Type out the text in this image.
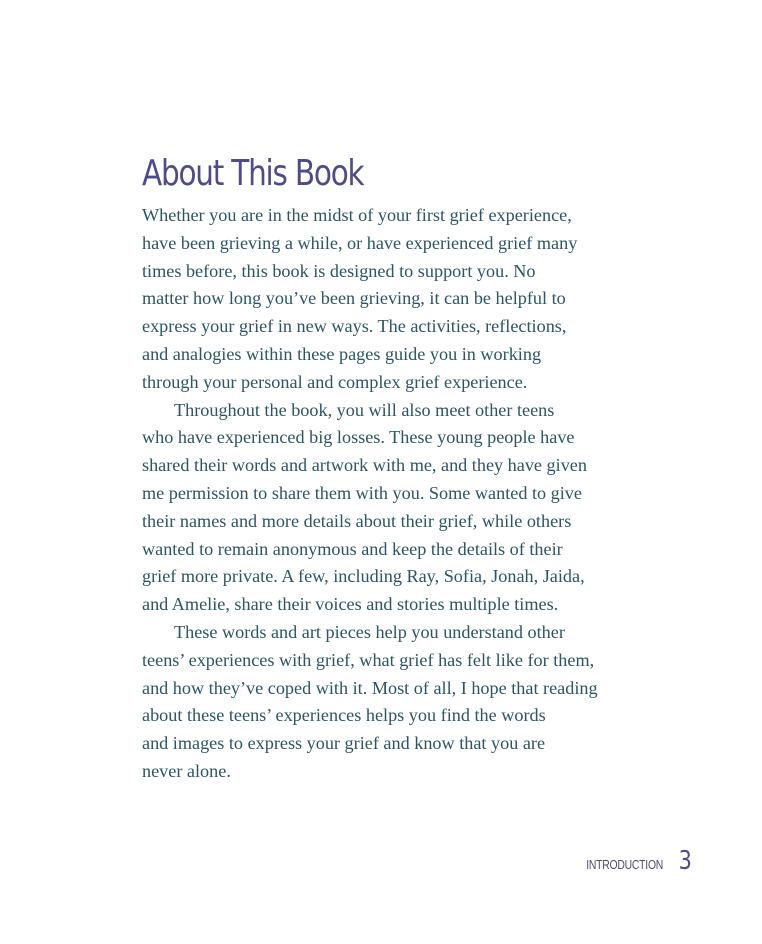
About This Book

Whether you are in the midst of your first grief experience,
have been grieving a while, or have experienced grief many
times before, this book is designed to support you. No
matter how long you’ve been grieving, it can be helpful to
express your grief in new ways. The activities, reflections,
and analogies within these pages guide you in working
through your personal and complex grief experience.

Throughout the book, you will also meet other teens
who have experienced big losses. These young people have
shared their words and artwork with me, and they have given
me permission to share them with you. Some wanted to give
their names and more details about their grief, while others
wanted to remain anonymous and keep the details of their
grief more private. A few, including Ray, Sofia, Jonah, Jaida,
and Amelie, share their voices and stories multiple times.

These words and art pieces help you understand other
teens’ experiences with grief, what grief has felt like for them,
and how they’ve coped with it. Most of all, I hope that reading
about these teens’ experiences helps you find the words
and images to express your grief and know that you are
never alone.

INTRODUCTION 3
